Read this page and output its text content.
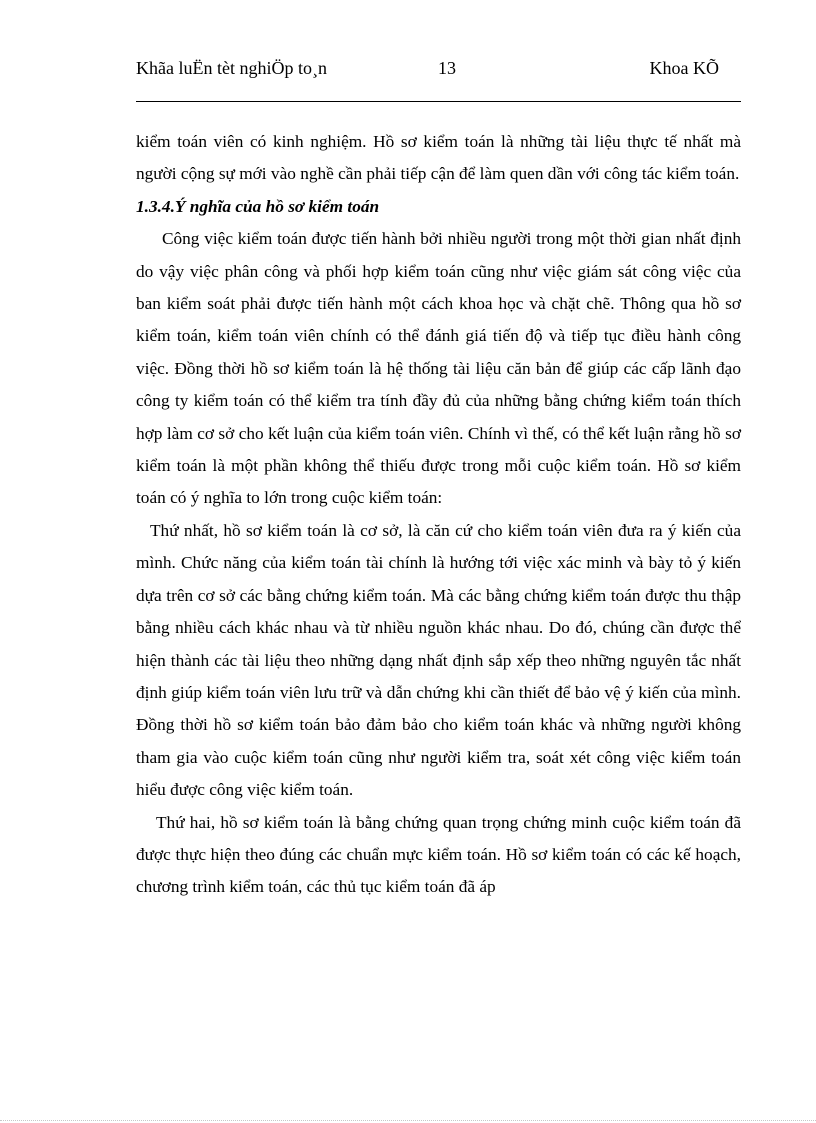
Khãa luËn tèt nghiÖp to¸n	13	Khoa KÕ

kiểm toán viên có kinh nghiệm. Hồ sơ kiểm toán là những tài liệu thực tế nhất mà người cộng sự mới vào nghề cần phải tiếp cận để làm quen dần với công tác kiểm toán.

1.3.4.Ý nghĩa của hồ sơ kiểm toán

Công việc kiểm toán được tiến hành bởi nhiều người trong một thời gian nhất định do vậy việc phân công và phối hợp kiểm toán cũng như việc giám sát công việc của ban kiểm soát phải được tiến hành một cách khoa học và chặt chẽ. Thông qua hồ sơ kiểm toán, kiểm toán viên chính có thể đánh giá tiến độ và tiếp tục điều hành công việc. Đồng thời hồ sơ kiểm toán là hệ thống tài liệu căn bản để giúp các cấp lãnh đạo công ty kiểm toán có thể kiểm tra tính đầy đủ của những bằng chứng kiểm toán thích hợp làm cơ sở cho kết luận của kiểm toán viên. Chính vì thế, có thể kết luận rằng hồ sơ kiểm toán là một phần không thể thiếu được trong mỗi cuộc kiểm toán. Hồ sơ kiểm toán có ý nghĩa to lớn trong cuộc kiểm toán:

Thứ nhất, hồ sơ kiểm toán là cơ sở, là căn cứ cho kiểm toán viên đưa ra ý kiến của mình. Chức năng của kiểm toán tài chính là hướng tới việc xác minh và bày tỏ ý kiến dựa trên cơ sở các bằng chứng kiểm toán. Mà các bằng chứng kiểm toán được thu thập bằng nhiều cách khác nhau và từ nhiều nguồn khác nhau. Do đó, chúng cần được thể hiện thành các tài liệu theo những dạng nhất định sắp xếp theo những nguyên tắc nhất định giúp kiểm toán viên lưu trữ và dẫn chứng khi cần thiết để bảo vệ ý kiến của mình. Đồng thời hồ sơ kiểm toán bảo đảm bảo cho kiểm toán khác và những người không tham gia vào cuộc kiểm toán cũng như người kiểm tra, soát xét công việc kiểm toán hiểu được công việc kiểm toán.

Thứ hai, hồ sơ kiểm toán là bằng chứng quan trọng chứng minh cuộc kiểm toán đã được thực hiện theo đúng các chuẩn mực kiểm toán. Hồ sơ kiểm toán có các kế hoạch, chương trình kiểm toán, các thủ tục kiểm toán đã áp
